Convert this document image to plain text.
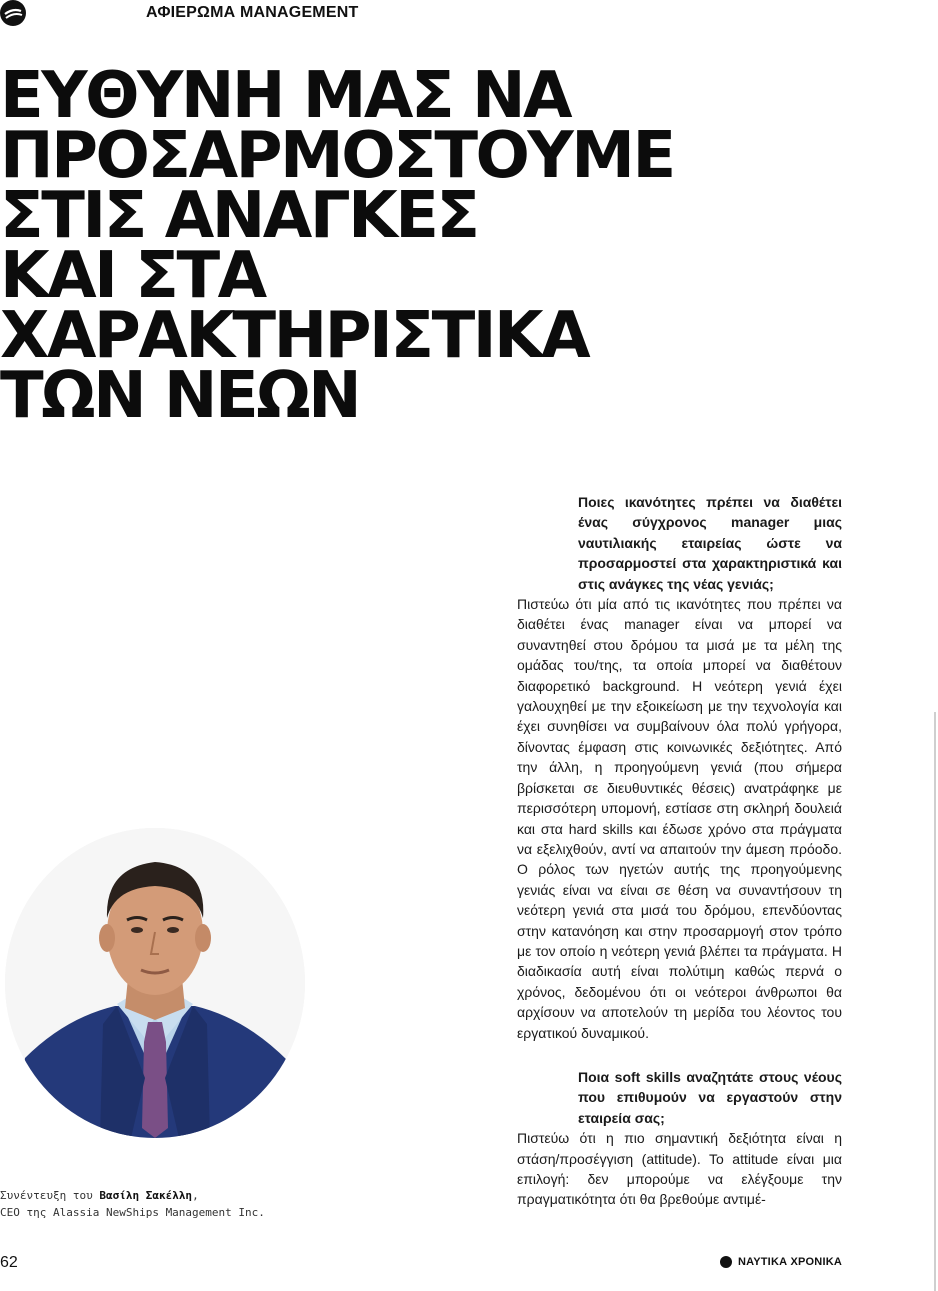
ΑΦΙΕΡΩΜΑ MANAGEMENT
ΕΥΘΥΝΗ ΜΑΣ ΝΑ
ΠΡΟΣΑΡΜΟΣΤΟΥΜΕ
ΣΤΙΣ ΑΝΑΓΚΕΣ
ΚΑΙ ΣΤΑ
ΧΑΡΑΚΤΗΡΙΣΤΙΚΑ
ΤΩΝ ΝΕΩΝ
Συνέντευξη του Βασίλη Σακέλλη,
CEO της Alassia NewShips Management Inc.

Ποιες ικανότητες πρέπει να διαθέτει ένας σύγχρονος manager μιας ναυτιλιακής εταιρείας ώστε να προσαρμοστεί στα χαρακτηριστικά και στις ανάγκες της νέας γενιάς;

Πιστεύω ότι μία από τις ικανότητες που πρέπει να διαθέτει ένας manager είναι να μπορεί να συναντηθεί στου δρόμου τα μισά με τα μέλη της ομάδας του/της, τα οποία μπορεί να διαθέτουν διαφορετικό background. Η νεότερη γενιά έχει γαλουχηθεί με την εξοικείωση με την τεχνολογία και έχει συνηθίσει να συμβαίνουν όλα πολύ γρήγορα, δίνοντας έμφαση στις κοινωνικές δεξιότητες. Από την άλλη, η προηγούμενη γενιά (που σήμερα βρίσκεται σε διευθυντικές θέσεις) ανατράφηκε με περισσότερη υπομονή, εστίασε στη σκληρή δουλειά και στα hard skills και έδωσε χρόνο στα πράγματα να εξελιχθούν, αντί να απαιτούν την άμεση πρόοδο. Ο ρόλος των ηγετών αυτής της προηγούμενης γενιάς είναι να είναι σε θέση να συναντήσουν τη νεότερη γενιά στα μισά του δρόμου, επενδύοντας στην κατανόηση και στην προσαρμογή στον τρόπο με τον οποίο η νεότερη γενιά βλέπει τα πράγματα. Η διαδικασία αυτή είναι πολύτιμη καθώς περνά ο χρόνος, δεδομένου ότι οι νεότεροι άνθρωποι θα αρχίσουν να αποτελούν τη μερίδα του λέοντος του εργατικού δυναμικού.

Ποια soft skills αναζητάτε στους νέους που επιθυμούν να εργαστούν στην εταιρεία σας;

Πιστεύω ότι η πιο σημαντική δεξιότητα είναι η στάση/προσέγγιση (attitude). Το attitude είναι μια επιλογή: δεν μπορούμε να ελέγξουμε την πραγματικότητα ότι θα βρεθούμε αντιμέ-

62	ΝΑΥΤΙΚΑ ΧΡΟΝΙΚΑ
